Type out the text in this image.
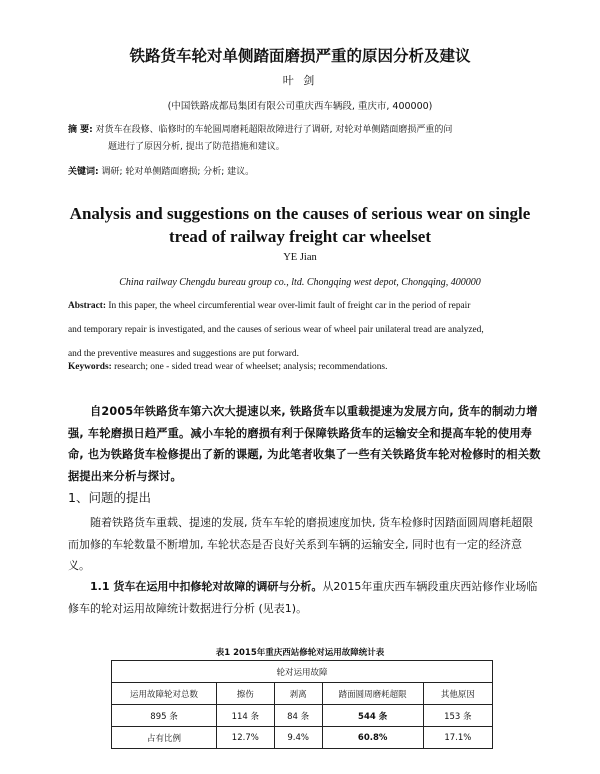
铁路货车轮对单侧踏面磨损严重的原因分析及建议
叶 剑
(中国铁路成都局集团有限公司重庆西车辆段, 重庆市, 400000)
摘 要: 对货车在段修、临修时的车轮圆周磨耗超限故障进行了调研, 对轮对单侧踏面磨损严重的问
题进行了原因分析, 提出了防范措施和建议。
关键词: 调研; 轮对单侧踏面磨损; 分析; 建议。
Analysis and suggestions on the causes of serious wear on single tread of railway freight car wheelset
YE Jian
China railway Chengdu bureau group co., ltd. Chongqing west depot, Chongqing, 400000
Abstract: In this paper, the wheel circumferential wear over-limit fault of freight car in the period of repair
and temporary repair is investigated, and the causes of serious wear of wheel pair unilateral tread are analyzed,
and the preventive measures and suggestions are put forward.
Keywords: research; one - sided tread wear of wheelset; analysis; recommendations.
自2005年铁路货车第六次大提速以来, 铁路货车以重载提速为发展方向, 货车的制动力增强, 车轮磨损日趋严重。减小车轮的磨损有利于保障铁路货车的运输安全和提高车轮的使用寿命, 也为铁路货车检修提出了新的课题, 为此笔者收集了一些有关铁路货车轮对检修时的相关数据提出来分析与探讨。
1、问题的提出
随着铁路货车重载、提速的发展, 货车车轮的磨损速度加快, 货车检修时因踏面圆周磨耗超限而加修的车轮数量不断增加, 车轮状态是否良好关系到车辆的运输安全, 同时也有一定的经济意义。
1.1 货车在运用中扣修轮对故障的调研与分析。从2015年重庆西车辆段重庆西站修作业场临修车的轮对运用故障统计数据进行分析 (见表1)。
表1 2015年重庆西站修轮对运用故障统计表
轮对运用故障				
运用故障轮对总数	擦伤	剥离	踏面圆周磨耗超限	其他原因
895 条	114 条	84 条	544 条	153 条
占有比例	12.7%	9.4%	60.8%	17.1%
